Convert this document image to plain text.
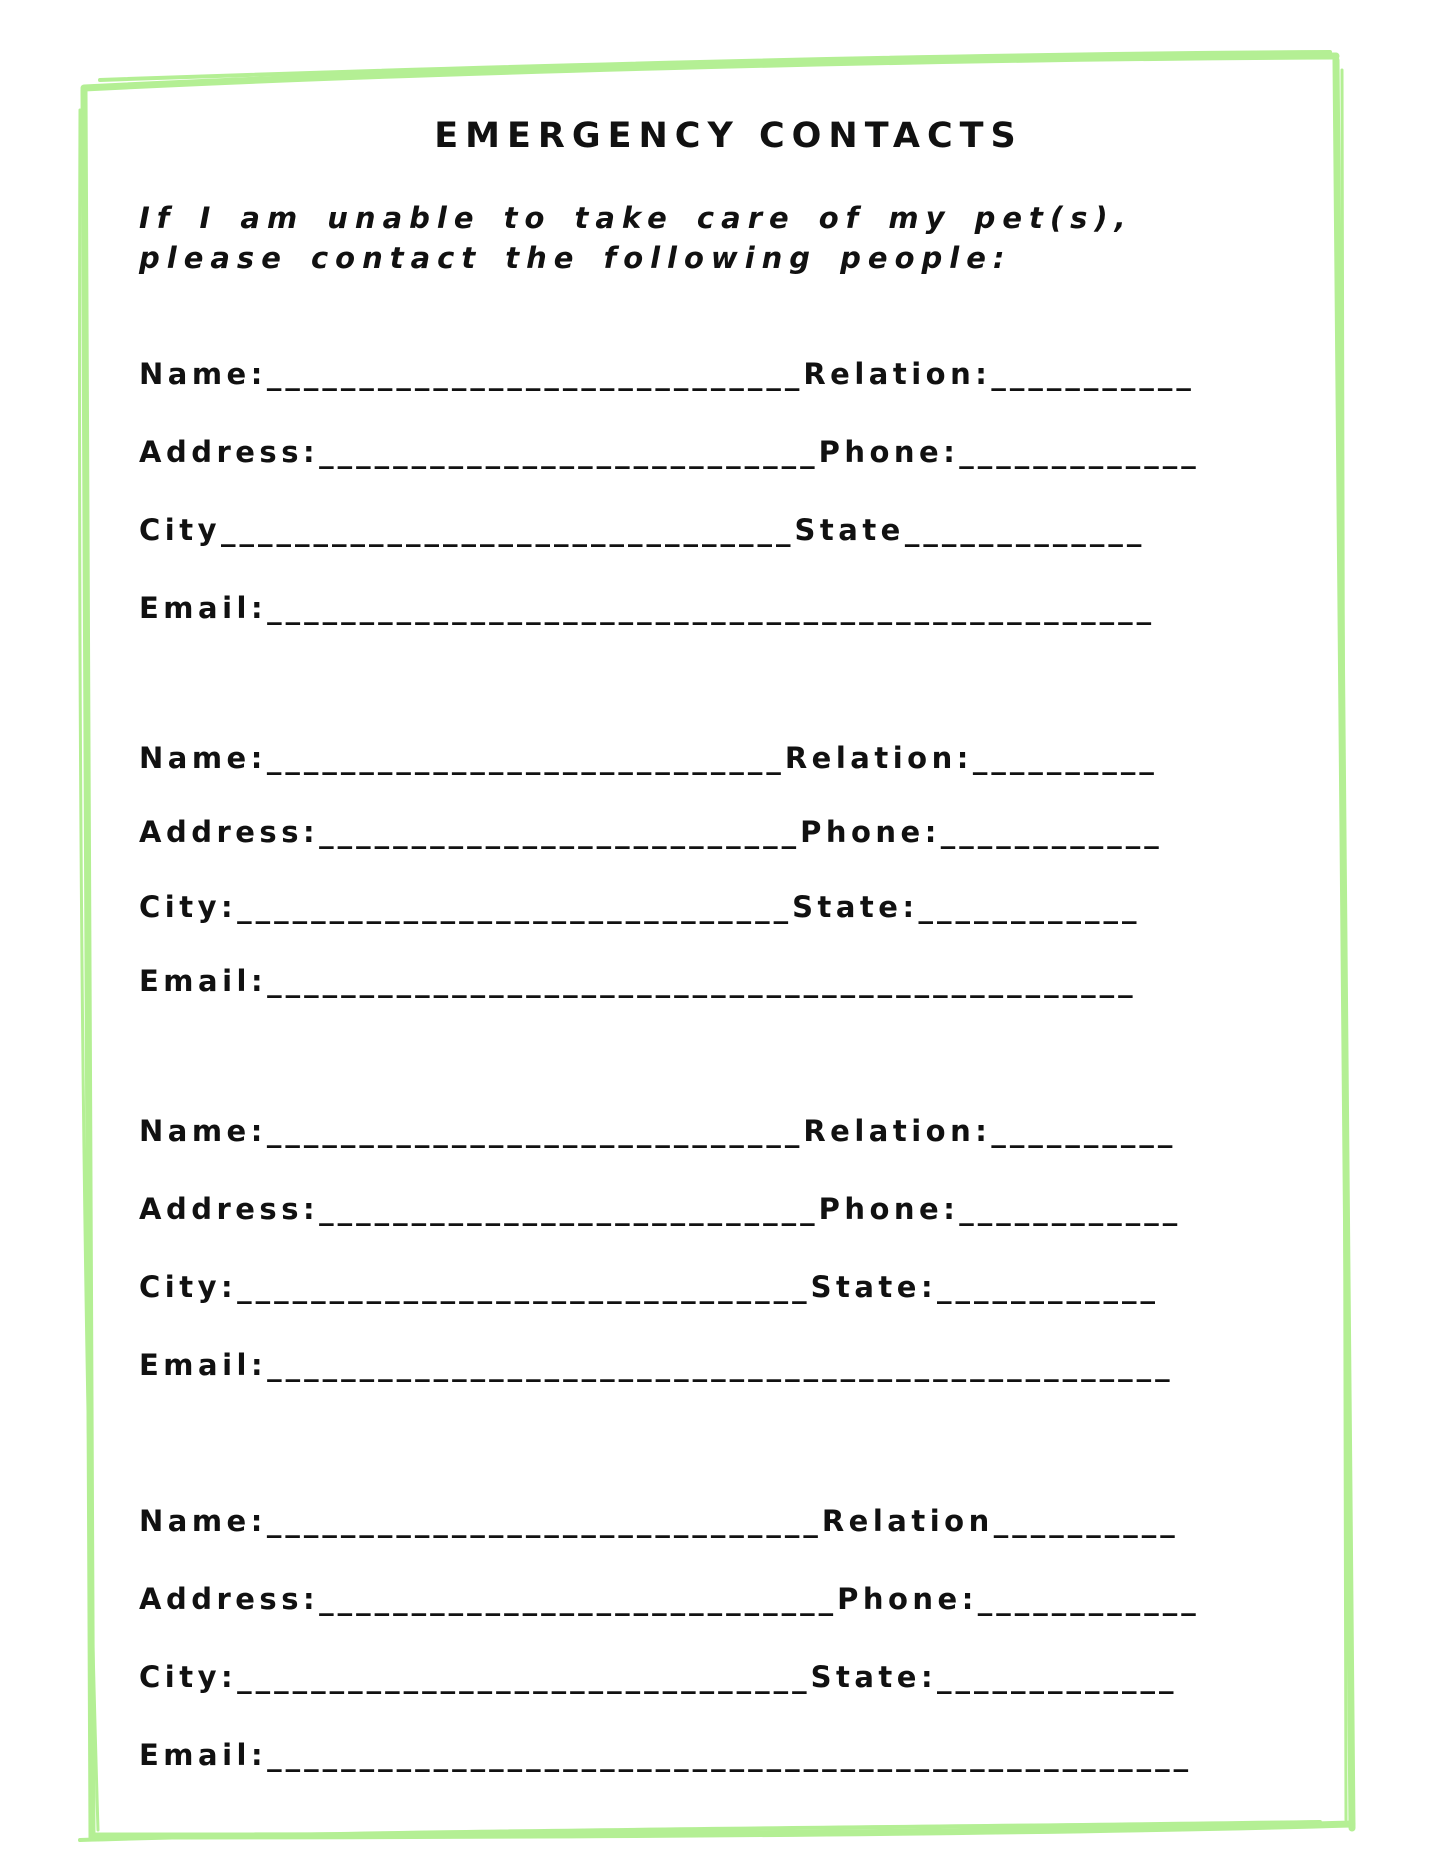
EMERGENCY CONTACTS

If I am unable to take care of my pet(s), please contact the following people:

Name:_____________________________Relation:___________

Address:___________________________Phone:_____________

City_______________________________State_____________

Email:________________________________________________

Name:____________________________Relation:__________

Address:__________________________Phone:____________

City:______________________________State:____________

Email:_______________________________________________

Name:_____________________________Relation:__________

Address:___________________________Phone:____________

City:_______________________________State:____________

Email:_________________________________________________

Name:______________________________Relation__________

Address:____________________________Phone:____________

City:_______________________________State:_____________

Email:__________________________________________________
